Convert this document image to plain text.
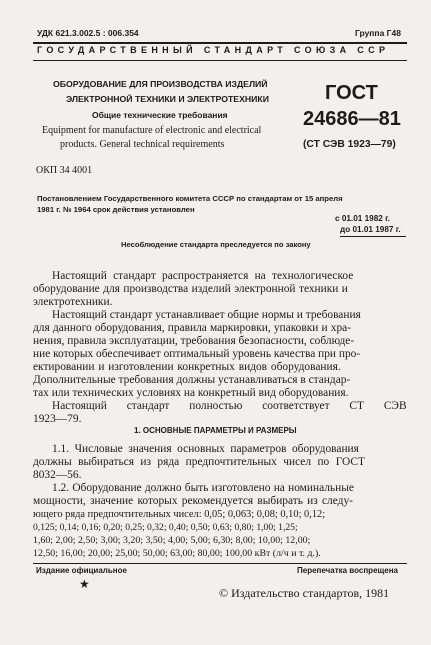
УДК 621.3.002.5 : 006.354	Группа Г48
ГОСУДАРСТВЕННЫЙ СТАНДАРТ СОЮЗА ССР
ОБОРУДОВАНИЕ ДЛЯ ПРОИЗВОДСТВА ИЗДЕЛИЙ
ЭЛЕКТРОННОЙ ТЕХНИКИ И ЭЛЕКТРОТЕХНИКИ
Общие технические требования
Equipment for manufacture of electronic and electrical
products. General technical requirements
ГОСТ
24686—81
(СТ СЭВ 1923—79)
ОКП 34 4001
Постановлением Государственного комитета СССР по стандартам от 15 апреля
1981 г. № 1964 срок действия установлен
с 01.01 1982 г.
до 01.01 1987 г.
Несоблюдение стандарта преследуется по закону
Настоящий стандарт распространяется на технологическое
оборудование для производства изделий электронной техники и
электротехники.
Настоящий стандарт устанавливает общие нормы и требования
для данного оборудования, правила маркировки, упаковки и хра-
нения, правила эксплуатации, требования безопасности, соблюде-
ние которых обеспечивает оптимальный уровень качества при про-
ектировании и изготовлении конкретных видов оборудования.
Дополнительные требования должны устанавливаться в стандар-
тах или технических условиях на конкретный вид оборудования.
Настоящий стандарт полностью соответствует СТ СЭВ
1923—79.
1. ОСНОВНЫЕ ПАРАМЕТРЫ И РАЗМЕРЫ
1.1. Числовые значения основных параметров оборудования
должны выбираться из ряда предпочтительных чисел по ГОСТ
8032—56.
1.2. Оборудование должно быть изготовлено на номинальные
мощности, значение которых рекомендуется выбирать из следу-
ющего ряда предпочтительных чисел: 0,05; 0,063; 0,08; 0,10; 0,12;
0,125; 0,14; 0,16; 0,20; 0,25; 0,32; 0,40; 0,50; 0,63; 0,80; 1,00; 1,25;
1,60; 2,00; 2,50; 3,00; 3,20; 3,50; 4,00; 5,00; 6,30; 8,00; 10,00; 12,00;
12,50; 16,00; 20,00; 25,00; 50,00; 63,00; 80,00; 100,00 кВт (л/ч и т. д.).
Издание официальное	Перепечатка воспрещена
★
© Издательство стандартов, 1981
